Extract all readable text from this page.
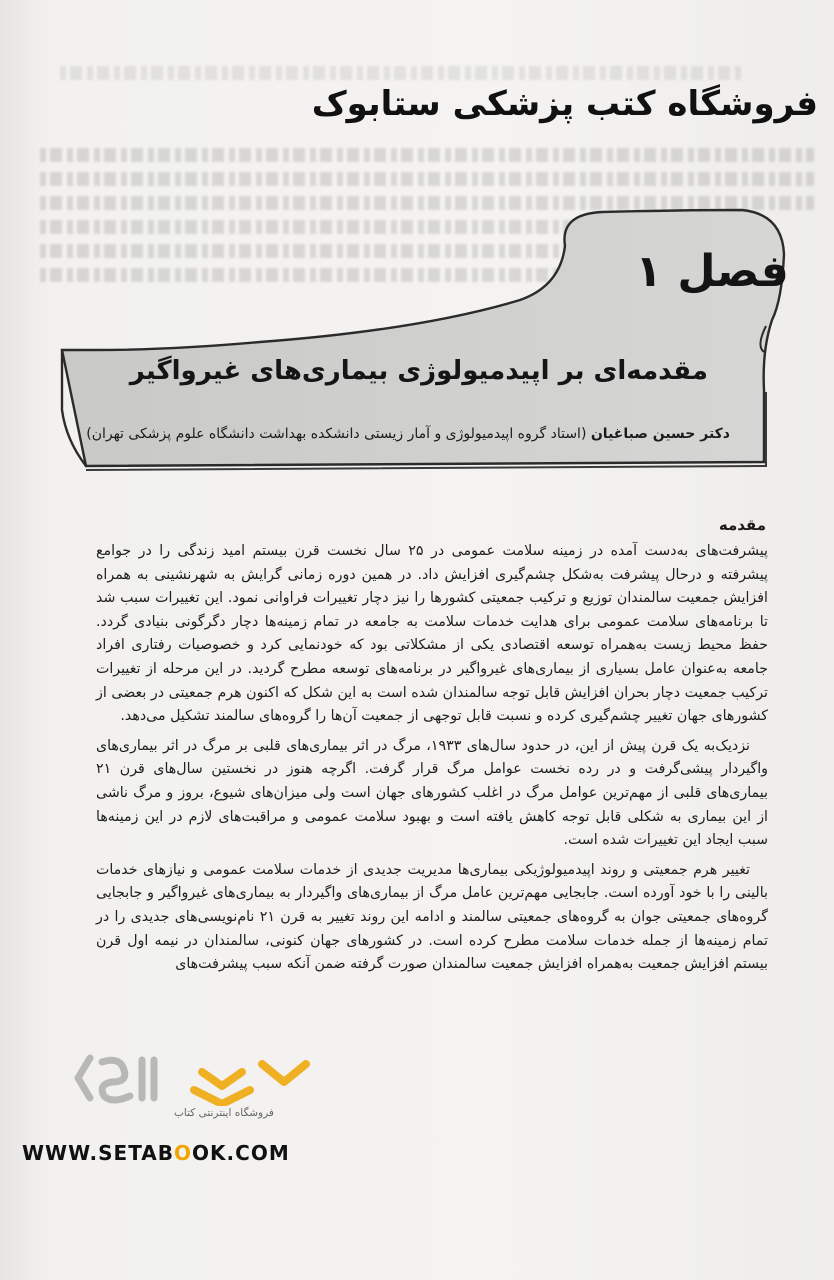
فروشگاه کتب پزشکی ستابوک
فصل ۱
مقدمه‌ای بر اپیدمیولوژی بیماری‌های غیرواگیر
دکتر حسین صباغیان (استاد گروه اپیدمیولوژی و آمار زیستی دانشکده بهداشت دانشگاه علوم پزشکی تهران)
مقدمه

پیشرفت‌های به‌دست آمده در زمینه سلامت عمومی در ۲۵ سال نخست قرن بیستم امید زندگی را در جوامع پیشرفته و درحال پیشرفت به‌شکل چشم‌گیری افزایش داد. در همین دوره زمانی گرایش به شهرنشینی به همراه افزایش جمعیت سالمندان توزیع و ترکیب جمعیتی کشورها را نیز دچار تغییرات فراوانی نمود. این تغییرات سبب شد تا برنامه‌های سلامت عمومی برای هدایت خدمات سلامت به جامعه در تمام زمینه‌ها دچار دگرگونی بنیادی گردد. حفظ محیط زیست به‌همراه توسعه اقتصادی یکی از مشکلاتی بود که خودنمایی کرد و خصوصیات رفتاری افراد جامعه به‌عنوان عامل بسیاری از بیماری‌های غیرواگیر در برنامه‌های توسعه مطرح گردید. در این مرحله از تغییرات ترکیب جمعیت دچار بحران افزایش قابل توجه سالمندان شده است به این شکل که اکنون هرم جمعیتی در بعضی از کشورهای جهان تغییر چشم‌گیری کرده و نسبت قابل توجهی از جمعیت آن‌ها را گروه‌های سالمند تشکیل می‌دهد.

نزدیک‌به یک قرن پیش از این، در حدود سال‌های ۱۹۳۳، مرگ در اثر بیماری‌های قلبی بر مرگ در اثر بیماری‌های واگیردار پیشی‌گرفت و در رده نخست عوامل مرگ قرار گرفت. اگرچه هنوز در نخستین سال‌های قرن ۲۱ بیماری‌های قلبی از مهم‌ترین عوامل مرگ در اغلب کشورهای جهان است ولی میزان‌های شیوع، بروز و مرگ ناشی از این بیماری به شکلی قابل توجه کاهش یافته است و بهبود سلامت عمومی و مراقبت‌های لازم در این زمینه‌ها سبب ایجاد این تغییرات شده است.

تغییر هرم جمعیتی و روند اپیدمیولوژیکی بیماری‌ها مدیریت جدیدی از خدمات سلامت عمومی و نیازهای خدمات بالینی را با خود آورده است. جابجایی مهم‌ترین عامل مرگ از بیماری‌های واگیردار به بیماری‌های غیرواگیر و جابجایی گروه‌های جمعیتی جوان به گروه‌های جمعیتی سالمند و ادامه این روند تغییر به قرن ۲۱ نام‌نویسی‌های جدیدی را در تمام زمینه‌ها از جمله خدمات سلامت مطرح کرده است. در کشورهای جهان کنونی، سالمندان در نیمه اول قرن بیستم افزایش جمعیت به‌همراه افزایش جمعیت سالمندان صورت گرفته ضمن آنکه سبب پیشرفت‌های

فروشگاه اینترنتی کتاب
WWW.SETABOOK.COM
